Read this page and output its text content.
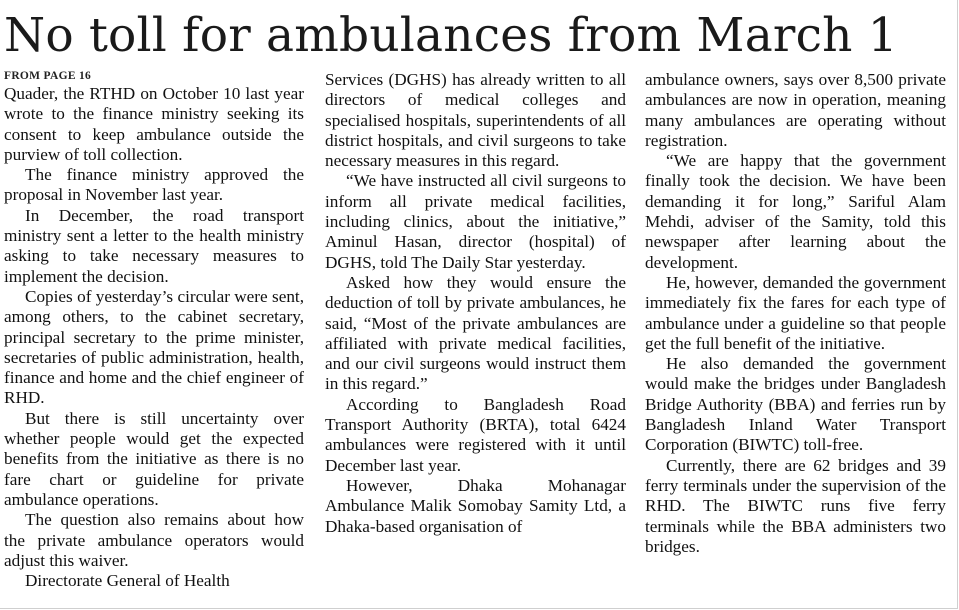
No toll for ambulances from March 1
FROM PAGE 16

Quader, the RTHD on October 10 last year wrote to the finance ministry seeking its consent to keep ambulance outside the purview of toll collection.

The finance ministry approved the proposal in November last year.

In December, the road transport ministry sent a letter to the health ministry asking to take necessary measures to implement the decision.

Copies of yesterday’s circular were sent, among others, to the cabinet secretary, principal secretary to the prime minister, secretaries of public administration, health, finance and home and the chief engineer of RHD.

But there is still uncertainty over whether people would get the expected benefits from the initiative as there is no fare chart or guideline for private ambulance operations.

The question also remains about how the private ambulance operators would adjust this waiver.

Directorate General of Health

Services (DGHS) has already written to all directors of medical colleges and specialised hospitals, superintendents of all district hospitals, and civil surgeons to take necessary measures in this regard.

“We have instructed all civil surgeons to inform all private medical facilities, including clinics, about the initiative,” Aminul Hasan, director (hospital) of DGHS, told The Daily Star yesterday.

Asked how they would ensure the deduction of toll by private ambulances, he said, “Most of the private ambulances are affiliated with private medical facilities, and our civil surgeons would instruct them in this regard.”

According to Bangladesh Road Transport Authority (BRTA), total 6424 ambulances were registered with it until December last year.

However, Dhaka Mohanagar Ambulance Malik Somobay Samity Ltd, a Dhaka-based organisation of

ambulance owners, says over 8,500 private ambulances are now in operation, meaning many ambulances are operating without registration.

“We are happy that the government finally took the decision. We have been demanding it for long,” Sariful Alam Mehdi, adviser of the Samity, told this newspaper after learning about the development.

He, however, demanded the government immediately fix the fares for each type of ambulance under a guideline so that people get the full benefit of the initiative.

He also demanded the government would make the bridges under Bangladesh Bridge Authority (BBA) and ferries run by Bangladesh Inland Water Transport Corporation (BIWTC) toll-free.

Currently, there are 62 bridges and 39 ferry terminals under the supervision of the RHD. The BIWTC runs five ferry terminals while the BBA administers two bridges.
